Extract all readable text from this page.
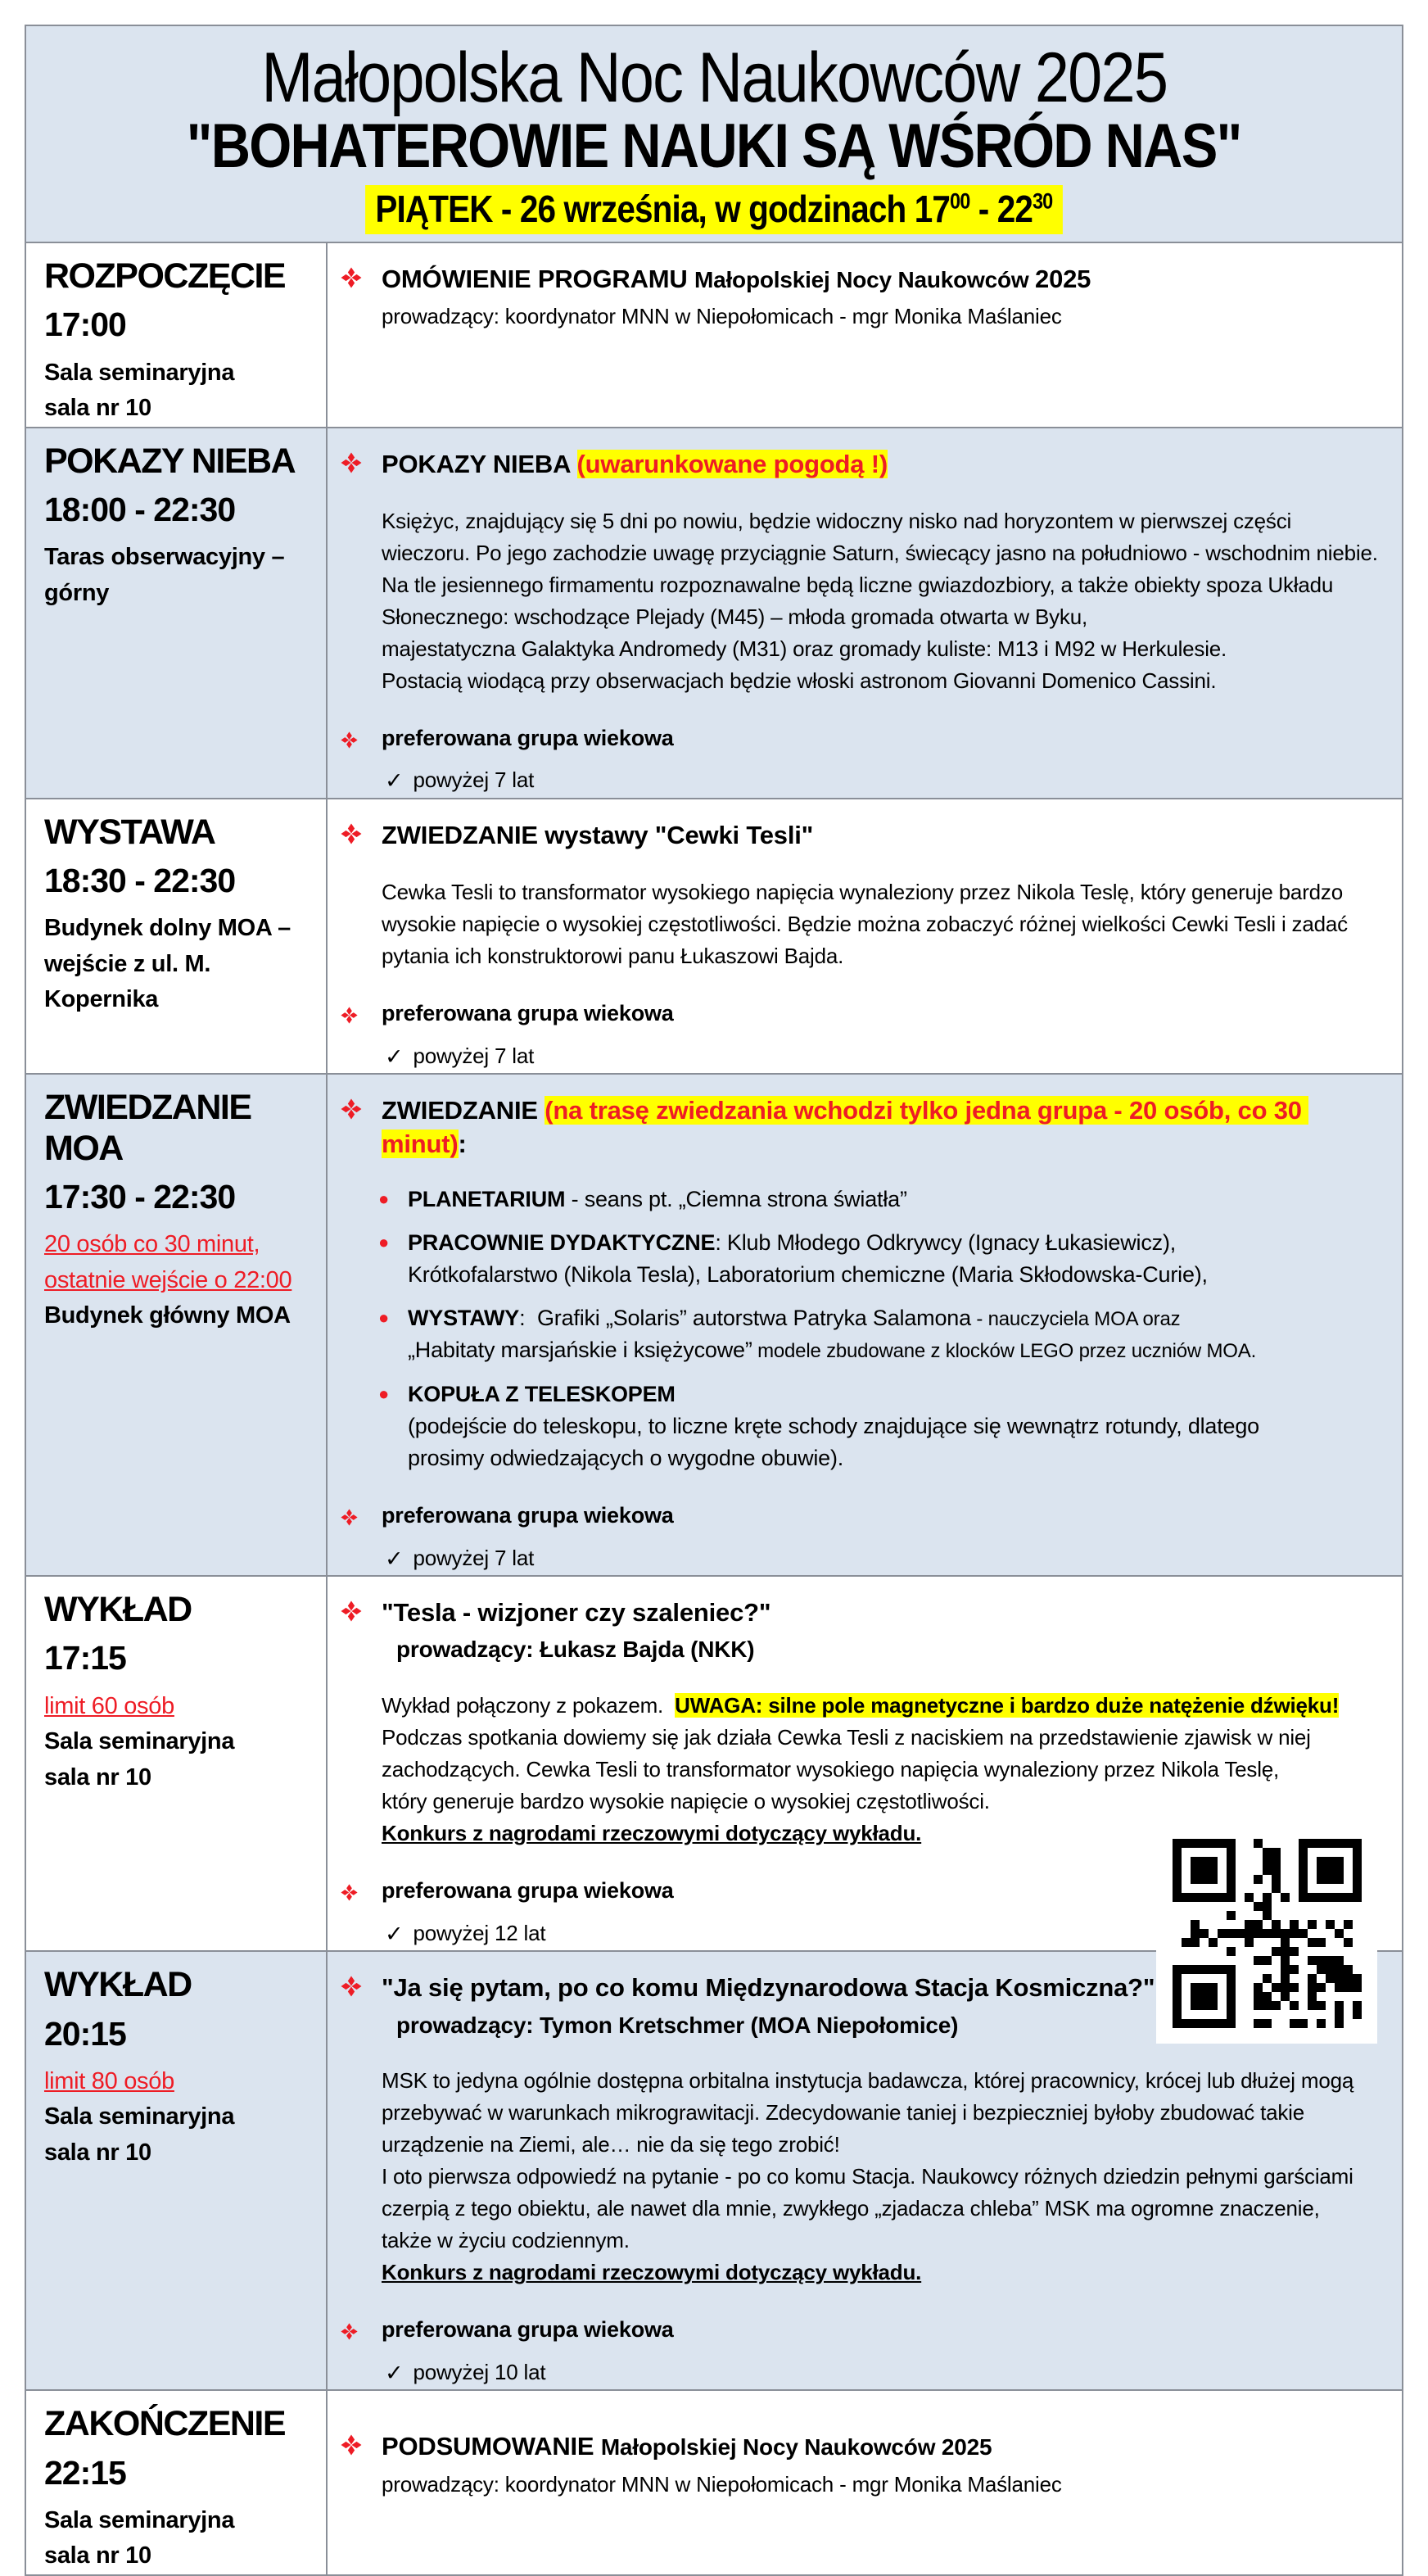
Małopolska Noc Naukowców 2025
"BOHATEROWIE NAUKI SĄ WŚRÓD NAS"
PIĄTEK - 26 września, w godzinach $17^{00} - 22^{30}$
ROZPOCZĘCIE
17:00
Sala seminaryjna
sala nr 10
OMÓWIENIE PROGRAMU Małopolskiej Nocy Naukowców 2025
prowadzący: koordynator MNN w Niepołomicach - mgr Monika Maślaniec
POKAZY NIEBA
18:00 - 22:30
Taras obserwacyjny – górny
POKAZY NIEBA (uwarunkowane pogodą !)
Księżyc, znajdujący się 5 dni po nowiu, będzie widoczny nisko nad horyzontem w pierwszej części
wieczoru. Po jego zachodzie uwagę przyciągnie Saturn, świecący jasno na południowo - wschodnim niebie.
Na tle jesiennego firmamentu rozpoznawalne będą liczne gwiazdozbiory, a także obiekty spoza Układu
Słonecznego: wschodzące Plejady (M45) – młoda gromada otwarta w Byku,
majestatyczna Galaktyka Andromedy (M31) oraz gromady kuliste: M13 i M92 w Herkulesie.
Postacią wiodącą przy obserwacjach będzie włoski astronom Giovanni Domenico Cassini.
preferowana grupa wiekowa
✓ powyżej 7 lat
WYSTAWA
18:30 - 22:30
Budynek dolny MOA –
wejście z ul. M. Kopernika
ZWIEDZANIE wystawy "Cewki Tesli"
Cewka Tesli to transformator wysokiego napięcia wynaleziony przez Nikola Teslę, który generuje bardzo
wysokie napięcie o wysokiej częstotliwości. Będzie można zobaczyć różnej wielkości Cewki Tesli i zadać
pytania ich konstruktorowi panu Łukaszowi Bajda.
preferowana grupa wiekowa
✓ powyżej 7 lat
ZWIEDZANIE MOA
17:30 - 22:30
20 osób co 30 minut,
ostatnie wejście o 22:00
Budynek główny MOA
ZWIEDZANIE (na trasę zwiedzania wchodzi tylko jedna grupa - 20 osób, co 30 minut):
● PLANETARIUM - seans pt. „Ciemna strona światła”
● PRACOWNIE DYDAKTYCZNE: Klub Młodego Odkrywcy (Ignacy Łukasiewicz),
Krótkofalarstwo (Nikola Tesla), Laboratorium chemiczne (Maria Skłodowska-Curie),
● WYSTAWY:  Grafiki „Solaris” autorstwa Patryka Salamona - nauczyciela MOA oraz
„Habitaty marsjańskie i księżycowe” modele zbudowane z klocków LEGO przez uczniów MOA.
● KOPUŁA Z TELESKOPEM
(podejście do teleskopu, to liczne kręte schody znajdujące się wewnątrz rotundy, dlatego
prosimy odwiedzających o wygodne obuwie).
preferowana grupa wiekowa
✓ powyżej 7 lat
WYKŁAD
17:15
limit 60 osób
Sala seminaryjna
sala nr 10
"Tesla - wizjoner czy szaleniec?"
prowadzący: Łukasz Bajda (NKK)
Wykład połączony z pokazem.  UWAGA: silne pole magnetyczne i bardzo duże natężenie dźwięku!
Podczas spotkania dowiemy się jak działa Cewka Tesli z naciskiem na przedstawienie zjawisk w niej
zachodzących. Cewka Tesli to transformator wysokiego napięcia wynaleziony przez Nikola Teslę,
który generuje bardzo wysokie napięcie o wysokiej częstotliwości.
Konkurs z nagrodami rzeczowymi dotyczący wykładu.
preferowana grupa wiekowa
✓ powyżej 12 lat
WYKŁAD
20:15
limit 80 osób
Sala seminaryjna
sala nr 10
"Ja się pytam, po co komu Międzynarodowa Stacja Kosmiczna?"
prowadzący: Tymon Kretschmer (MOA Niepołomice)
MSK to jedyna ogólnie dostępna orbitalna instytucja badawcza, której pracownicy, krócej lub dłużej mogą
przebywać w warunkach mikrograwitacji. Zdecydowanie taniej i bezpieczniej byłoby zbudować takie
urządzenie na Ziemi, ale… nie da się tego zrobić!
I oto pierwsza odpowiedź na pytanie - po co komu Stacja. Naukowcy różnych dziedzin pełnymi garściami
czerpią z tego obiektu, ale nawet dla mnie, zwykłego „zjadacza chleba” MSK ma ogromne znaczenie,
także w życiu codziennym.
Konkurs z nagrodami rzeczowymi dotyczący wykładu.
preferowana grupa wiekowa
✓ powyżej 10 lat
ZAKOŃCZENIE
22:15
Sala seminaryjna
sala nr 10
PODSUMOWANIE Małopolskiej Nocy Naukowców 2025
prowadzący: koordynator MNN w Niepołomicach - mgr Monika Maślaniec
